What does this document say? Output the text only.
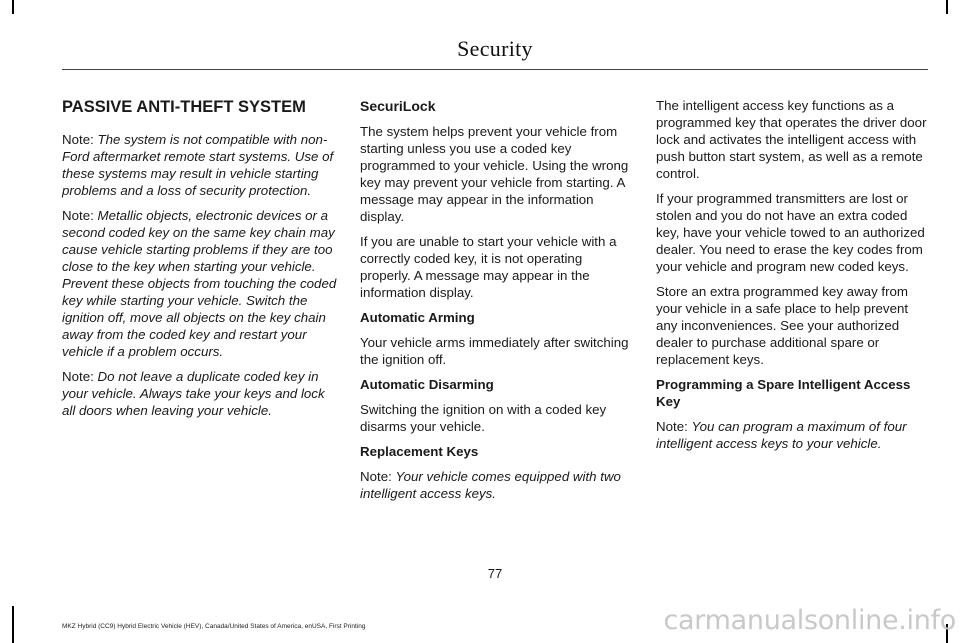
Security
PASSIVE ANTI-THEFT SYSTEM

Note: The system is not compatible with non-Ford aftermarket remote start systems. Use of these systems may result in vehicle starting problems and a loss of security protection.

Note: Metallic objects, electronic devices or a second coded key on the same key chain may cause vehicle starting problems if they are too close to the key when starting your vehicle. Prevent these objects from touching the coded key while starting your vehicle. Switch the ignition off, move all objects on the key chain away from the coded key and restart your vehicle if a problem occurs.

Note: Do not leave a duplicate coded key in your vehicle. Always take your keys and lock all doors when leaving your vehicle.

SecuriLock

The system helps prevent your vehicle from starting unless you use a coded key programmed to your vehicle. Using the wrong key may prevent your vehicle from starting. A message may appear in the information display.

If you are unable to start your vehicle with a correctly coded key, it is not operating properly. A message may appear in the information display.

Automatic Arming

Your vehicle arms immediately after switching the ignition off.

Automatic Disarming

Switching the ignition on with a coded key disarms your vehicle.

Replacement Keys

Note: Your vehicle comes equipped with two intelligent access keys.

The intelligent access key functions as a programmed key that operates the driver door lock and activates the intelligent access with push button start system, as well as a remote control.

If your programmed transmitters are lost or stolen and you do not have an extra coded key, have your vehicle towed to an authorized dealer. You need to erase the key codes from your vehicle and program new coded keys.

Store an extra programmed key away from your vehicle in a safe place to help prevent any inconveniences. See your authorized dealer to purchase additional spare or replacement keys.

Programming a Spare Intelligent Access Key

Note: You can program a maximum of four intelligent access keys to your vehicle.

77
MKZ Hybrid (CC9) Hybrid Electric Vehicle (HEV), Canada/United States of America, enUSA, First Printing	carmanualsonline.info
